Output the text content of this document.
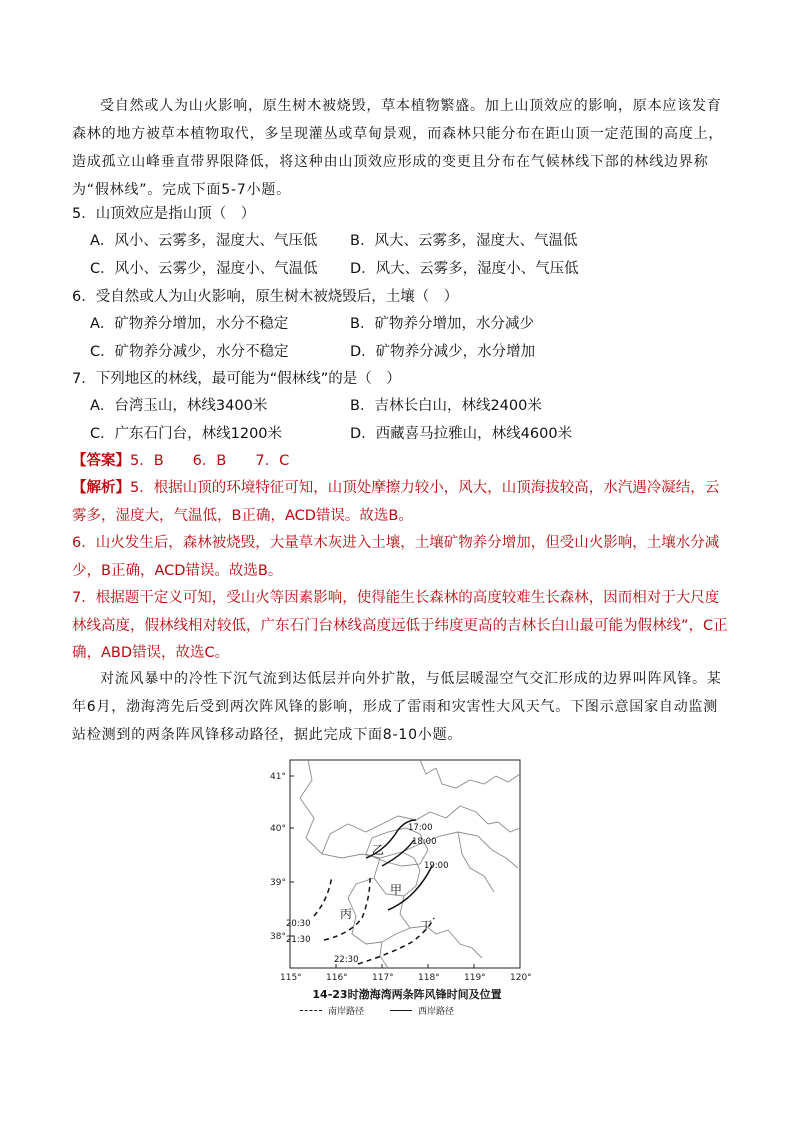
受自然或人为山火影响，原生树木被烧毁，草本植物繁盛。加上山顶效应的影响，原本应该发育森林的地方被草本植物取代，多呈现灌丛或草甸景观，而森林只能分布在距山顶一定范围的高度上，造成孤立山峰垂直带界限降低，将这种由山顶效应形成的变更且分布在气候林线下部的林线边界称为“假林线”。完成下面5-7小题。

5．山顶效应是指山顶（　）

A．风小、云雾多，湿度大、气压低	B．风大、云雾多，湿度大、气温低
C．风小、云雾少，湿度小、气温低	D．风大、云雾多，湿度小、气压低

6．受自然或人为山火影响，原生树木被烧毁后，土壤（　）

A．矿物养分增加，水分不稳定	B．矿物养分增加，水分减少
C．矿物养分减少，水分不稳定	D．矿物养分减少，水分增加

7．下列地区的林线，最可能为“假林线”的是（　）

A．台湾玉山，林线3400米	B．吉林长白山，林线2400米
C．广东石门台，林线1200米	D．西藏喜马拉雅山，林线4600米

【答案】5．B　　6．B　　7．C

【解析】5．根据山顶的环境特征可知，山顶处摩擦力较小，风大，山顶海拔较高，水汽遇冷凝结，云雾多，湿度大，气温低，B正确，ACD错误。故选B。

6．山火发生后，森林被烧毁，大量草木灰进入土壤，土壤矿物养分增加，但受山火影响，土壤水分减少，B正确，ACD错误。故选B。

7．根据题干定义可知，受山火等因素影响，使得能生长森林的高度较难生长森林，因而相对于大尺度林线高度，假林线相对较低，广东石门台林线高度远低于纬度更高的吉林长白山最可能为假林线”，C正确，ABD错误，故选C。

对流风暴中的冷性下沉气流到达低层并向外扩散，与低层暖湿空气交汇形成的边界叫阵风锋。某年6月，渤海湾先后受到两次阵风锋的影响，形成了雷雨和灾害性大风天气。下图示意国家自动监测站检测到的两条阵风锋移动路径，据此完成下面8-10小题。

41°
40°
39°
38°
115°	116°	117°	118°	119°	120°
乙
甲
丙
丁
17:00
18:00
19:00
20:30
21:30
22:30
14-23时渤海湾两条阵风锋时间及位置
南岸路径	西岸路径
